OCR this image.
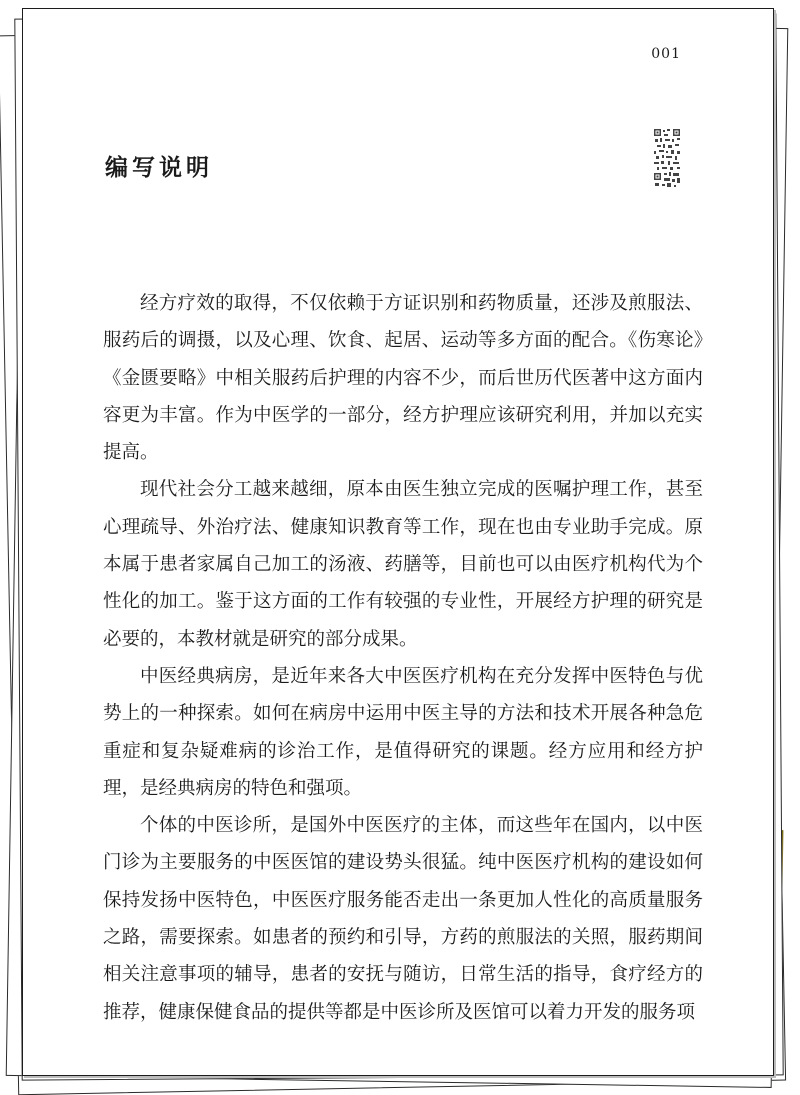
001
编写说明

经方疗效的取得，不仅依赖于方证识别和药物质量，还涉及煎服法、服药后的调摄，以及心理、饮食、起居、运动等多方面的配合。《伤寒论》《金匮要略》中相关服药后护理的内容不少，而后世历代医著中这方面内容更为丰富。作为中医学的一部分，经方护理应该研究利用，并加以充实提高。

现代社会分工越来越细，原本由医生独立完成的医嘱护理工作，甚至心理疏导、外治疗法、健康知识教育等工作，现在也由专业助手完成。原本属于患者家属自己加工的汤液、药膳等，目前也可以由医疗机构代为个性化的加工。鉴于这方面的工作有较强的专业性，开展经方护理的研究是必要的，本教材就是研究的部分成果。

中医经典病房，是近年来各大中医医疗机构在充分发挥中医特色与优势上的一种探索。如何在病房中运用中医主导的方法和技术开展各种急危重症和复杂疑难病的诊治工作，是值得研究的课题。经方应用和经方护理，是经典病房的特色和强项。

个体的中医诊所，是国外中医医疗的主体，而这些年在国内，以中医门诊为主要服务的中医医馆的建设势头很猛。纯中医医疗机构的建设如何保持发扬中医特色，中医医疗服务能否走出一条更加人性化的高质量服务之路，需要探索。如患者的预约和引导，方药的煎服法的关照，服药期间相关注意事项的辅导，患者的安抚与随访，日常生活的指导，食疗经方的推荐，健康保健食品的提供等都是中医诊所及医馆可以着力开发的服务项
